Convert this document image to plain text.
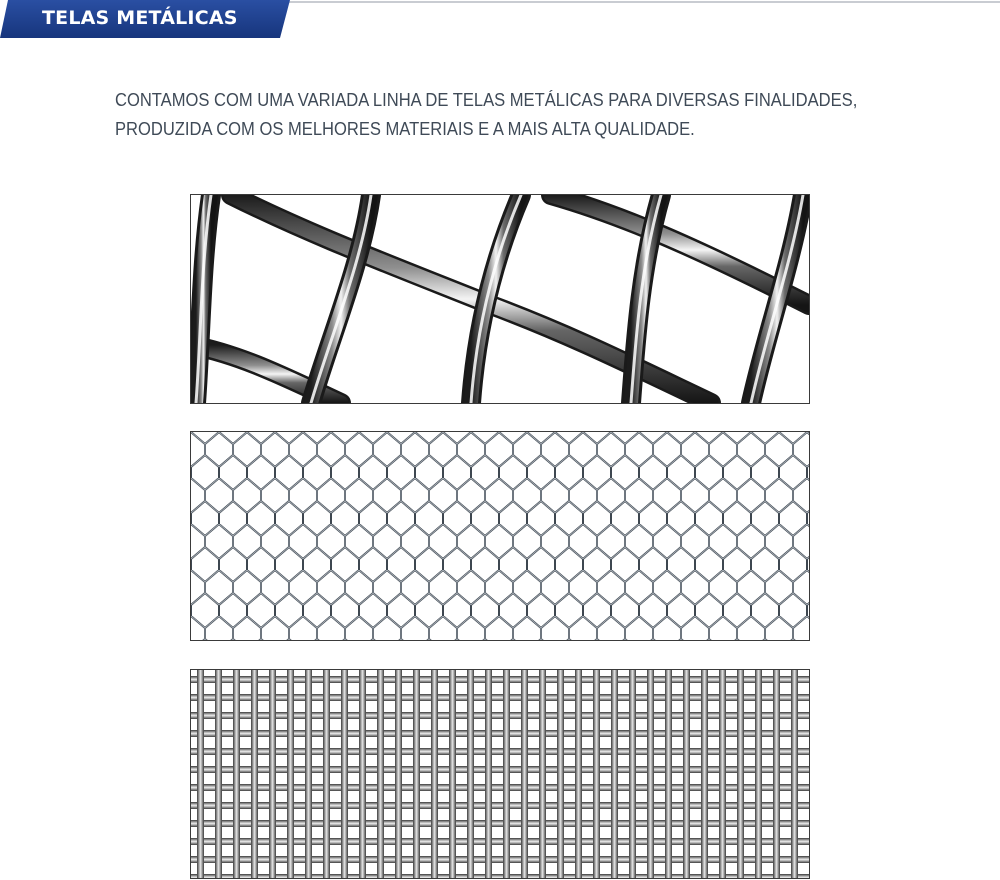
TELAS METÁLICAS
CONTAMOS COM UMA VARIADA LINHA DE TELAS METÁLICAS PARA DIVERSAS FINALIDADES,
PRODUZIDA COM OS MELHORES MATERIAIS E A MAIS ALTA QUALIDADE.
